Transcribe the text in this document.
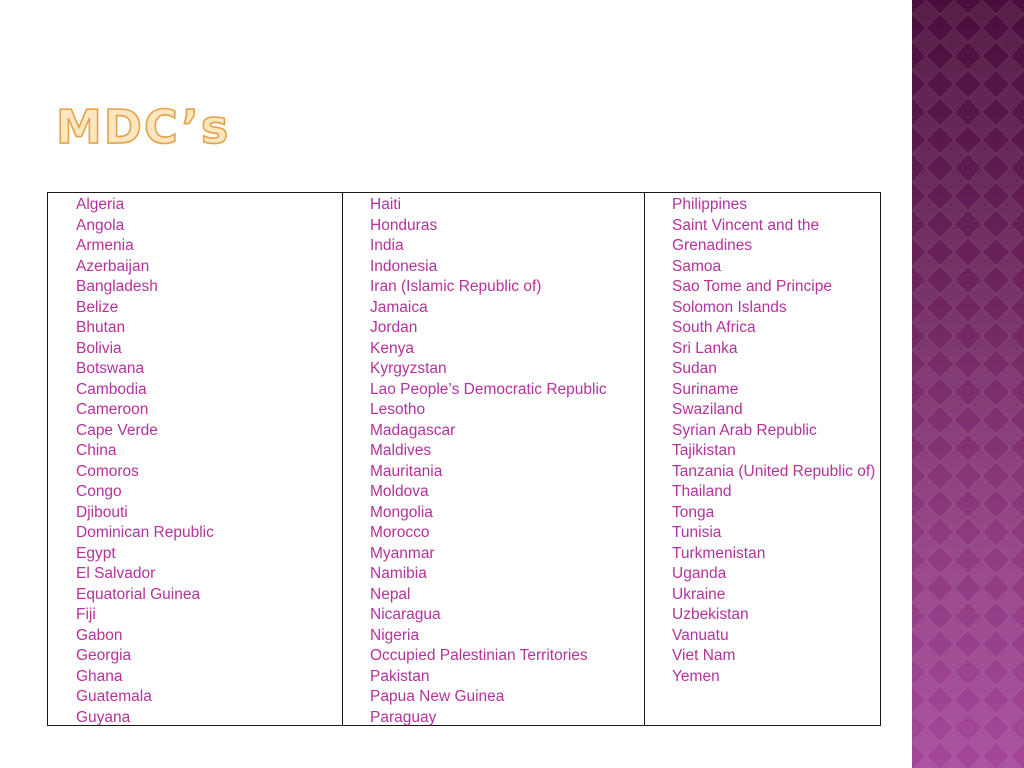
MDC’s
Algeria
Angola
Armenia
Azerbaijan
Bangladesh
Belize
Bhutan
Bolivia
Botswana
Cambodia
Cameroon
Cape Verde
China
Comoros
Congo
Djibouti
Dominican Republic
Egypt
El Salvador
Equatorial Guinea
Fiji
Gabon
Georgia
Ghana
Guatemala
Guyana
Haiti
Honduras
India
Indonesia
Iran (Islamic Republic of)
Jamaica
Jordan
Kenya
Kyrgyzstan
Lao People’s Democratic Republic
Lesotho
Madagascar
Maldives
Mauritania
Moldova
Mongolia
Morocco
Myanmar
Namibia
Nepal
Nicaragua
Nigeria
Occupied Palestinian Territories
Pakistan
Papua New Guinea
Paraguay
Philippines
Saint Vincent and the Grenadines
Samoa
Sao Tome and Principe
Solomon Islands
South Africa
Sri Lanka
Sudan
Suriname
Swaziland
Syrian Arab Republic
Tajikistan
Tanzania (United Republic of)
Thailand
Tonga
Tunisia
Turkmenistan
Uganda
Ukraine
Uzbekistan
Vanuatu
Viet Nam
Yemen
